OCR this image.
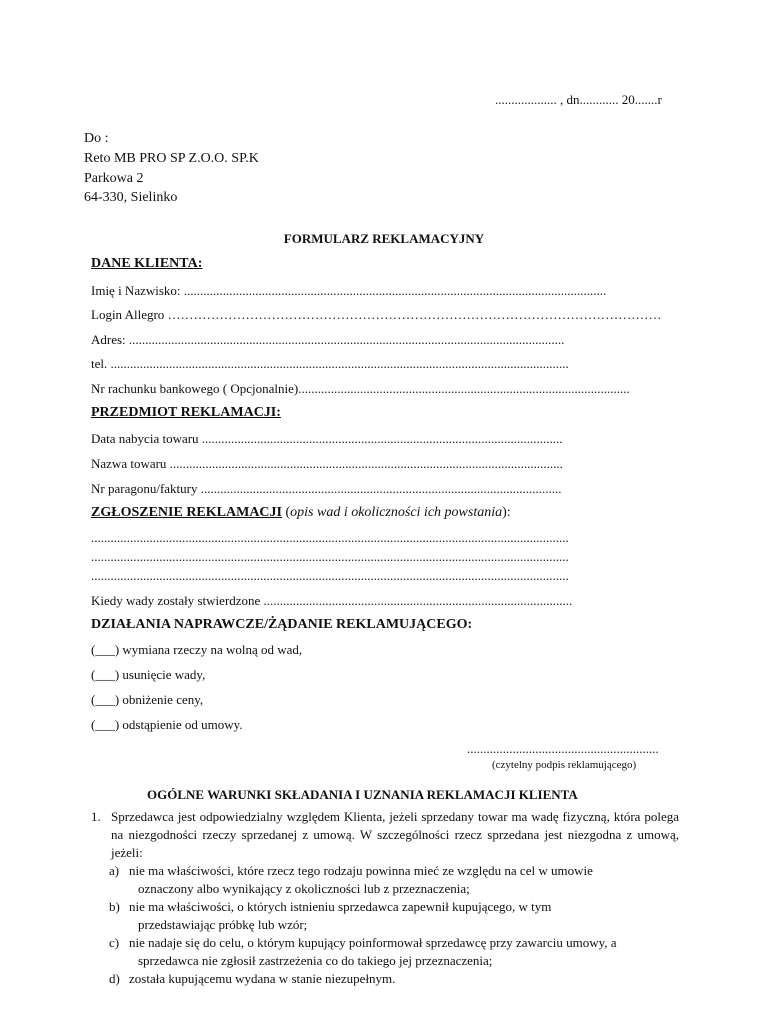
................... , dn............ 20.......r
Do :
Reto MB PRO SP Z.O.O. SP.K
Parkowa 2
64-330, Sielinko
FORMULARZ REKLAMACYJNY
DANE KLIENTA:
Imię i Nazwisko: ..................................................................................................................................
Login Allegro ……………………………………………………………………………………………………
Adres: ......................................................................................................................................
tel. .............................................................................................................................................
Nr rachunku bankowego ( Opcjonalnie)......................................................................................................
PRZEDMIOT REKLAMACJI:
Data nabycia towaru ...............................................................................................................
Nazwa towaru .........................................................................................................................
Nr paragonu/faktury ...............................................................................................................
ZGŁOSZENIE REKLAMACJI (opis wad i okoliczności ich powstania):
...................................................................................................................................................
...................................................................................................................................................
...................................................................................................................................................
Kiedy wady zostały stwierdzone ...............................................................................................
DZIAŁANIA NAPRAWCZE/ŻĄDANIE REKLAMUJĄCEGO:
(___) wymiana rzeczy na wolną od wad,
(___) usunięcie wady,
(___) obniżenie ceny,
(___) odstąpienie od umowy.
...........................................................
(czytelny podpis reklamującego)
OGÓLNE WARUNKI SKŁADANIA I UZNANIA REKLAMACJI KLIENTA
1. Sprzedawca jest odpowiedzialny względem Klienta, jeżeli sprzedany towar ma wadę fizyczną, która polega na niezgodności rzeczy sprzedanej z umową. W szczególności rzecz sprzedana jest niezgodna z umową, jeżeli:
a) nie ma właściwości, które rzecz tego rodzaju powinna mieć ze względu na cel w umowie
oznaczony albo wynikający z okoliczności lub z przeznaczenia;
b) nie ma właściwości, o których istnieniu sprzedawca zapewnił kupującego, w tym
przedstawiając próbkę lub wzór;
c) nie nadaje się do celu, o którym kupujący poinformował sprzedawcę przy zawarciu umowy, a
sprzedawca nie zgłosił zastrzeżenia co do takiego jej przeznaczenia;
d) została kupującemu wydana w stanie niezupełnym.
